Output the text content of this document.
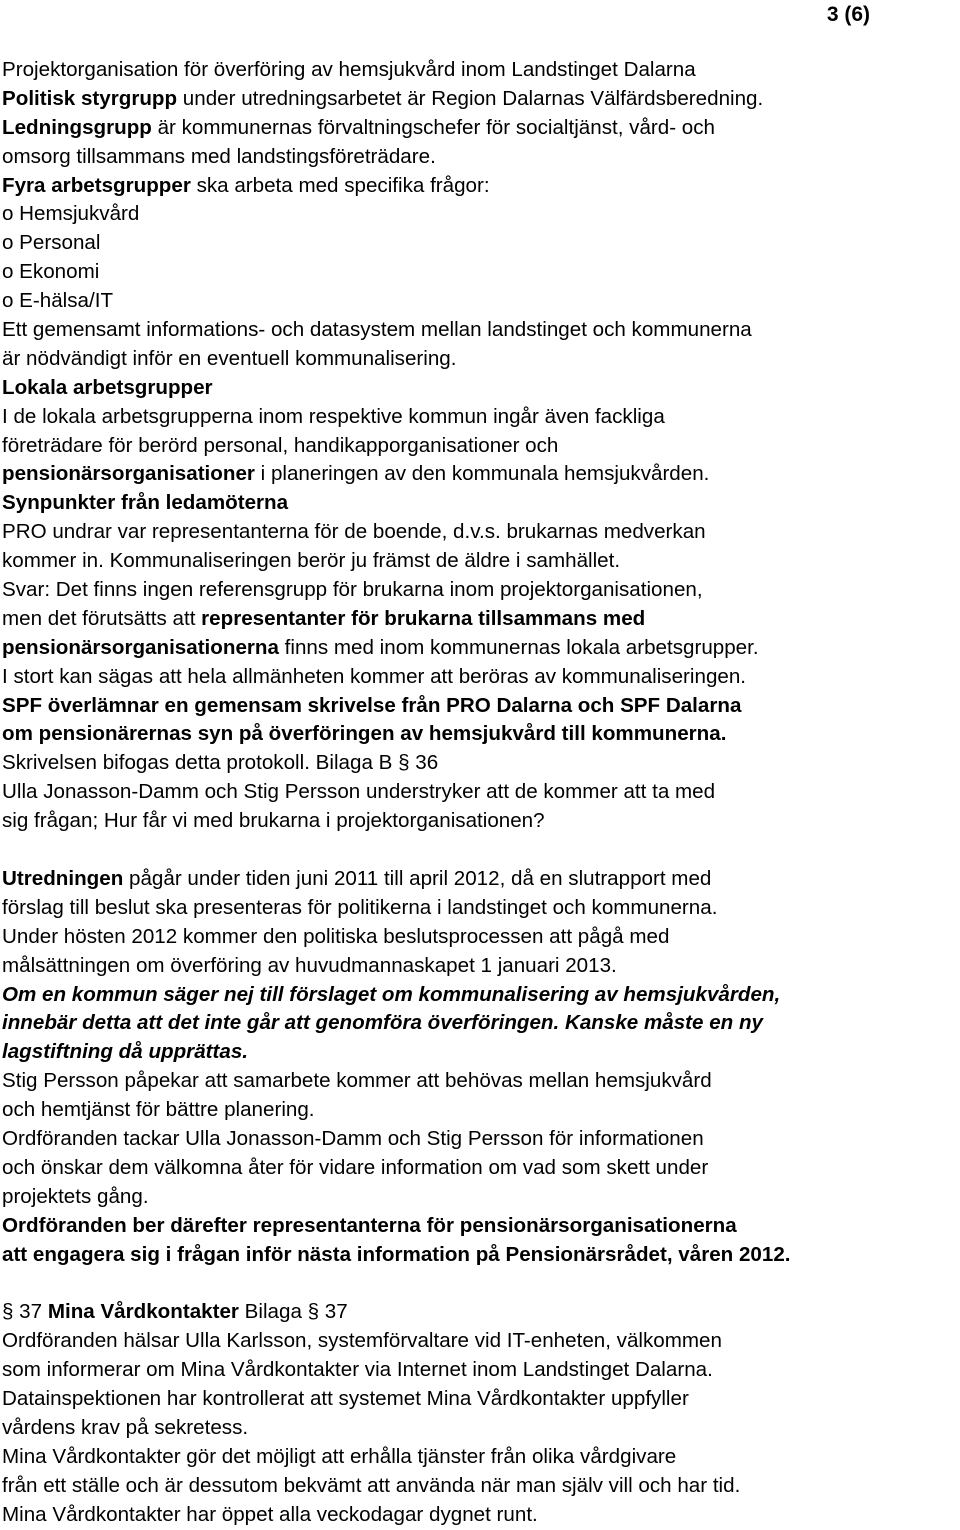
3 (6)
Projektorganisation för överföring av hemsjukvård inom Landstinget Dalarna
Politisk styrgrupp under utredningsarbetet är Region Dalarnas Välfärdsberedning.
Ledningsgrupp är kommunernas förvaltningschefer för socialtjänst, vård- och
omsorg tillsammans med landstingsföreträdare.
Fyra arbetsgrupper ska arbeta med specifika frågor:
o Hemsjukvård
o Personal
o Ekonomi
o E-hälsa/IT
Ett gemensamt informations- och datasystem mellan landstinget och kommunerna
är nödvändigt inför en eventuell kommunalisering.
Lokala arbetsgrupper
I de lokala arbetsgrupperna inom respektive kommun ingår även fackliga
företrädare för berörd personal, handikapporganisationer och
pensionärsorganisationer i planeringen av den kommunala hemsjukvården.
Synpunkter från ledamöterna
PRO undrar var representanterna för de boende, d.v.s. brukarnas medverkan
kommer in. Kommunaliseringen berör ju främst de äldre i samhället.
Svar: Det finns ingen referensgrupp för brukarna inom projektorganisationen,
men det förutsätts att representanter för brukarna tillsammans med
pensionärsorganisationerna finns med inom kommunernas lokala arbetsgrupper.
I stort kan sägas att hela allmänheten kommer att beröras av kommunaliseringen.
SPF överlämnar en gemensam skrivelse från PRO Dalarna och SPF Dalarna
om pensionärernas syn på överföringen av hemsjukvård till kommunerna.
Skrivelsen bifogas detta protokoll. Bilaga B § 36
Ulla Jonasson-Damm och Stig Persson understryker att de kommer att ta med
sig frågan; Hur får vi med brukarna i projektorganisationen?
Utredningen pågår under tiden juni 2011 till april 2012, då en slutrapport med
förslag till beslut ska presenteras för politikerna i landstinget och kommunerna.
Under hösten 2012 kommer den politiska beslutsprocessen att pågå med
målsättningen om överföring av huvudmannaskapet 1 januari 2013.
Om en kommun säger nej till förslaget om kommunalisering av hemsjukvården,
innebär detta att det inte går att genomföra överföringen. Kanske måste en ny
lagstiftning då upprättas.
Stig Persson påpekar att samarbete kommer att behövas mellan hemsjukvård
och hemtjänst för bättre planering.
Ordföranden tackar Ulla Jonasson-Damm och Stig Persson för informationen
och önskar dem välkomna åter för vidare information om vad som skett under
projektets gång.
Ordföranden ber därefter representanterna för pensionärsorganisationerna
att engagera sig i frågan inför nästa information på Pensionärsrådet, våren 2012.
§ 37 Mina Vårdkontakter Bilaga § 37
Ordföranden hälsar Ulla Karlsson, systemförvaltare vid IT-enheten, välkommen
som informerar om Mina Vårdkontakter via Internet inom Landstinget Dalarna.
Datainspektionen har kontrollerat att systemet Mina Vårdkontakter uppfyller
vårdens krav på sekretess.
Mina Vårdkontakter gör det möjligt att erhålla tjänster från olika vårdgivare
från ett ställe och är dessutom bekvämt att använda när man själv vill och har tid.
Mina Vårdkontakter har öppet alla veckodagar dygnet runt.
